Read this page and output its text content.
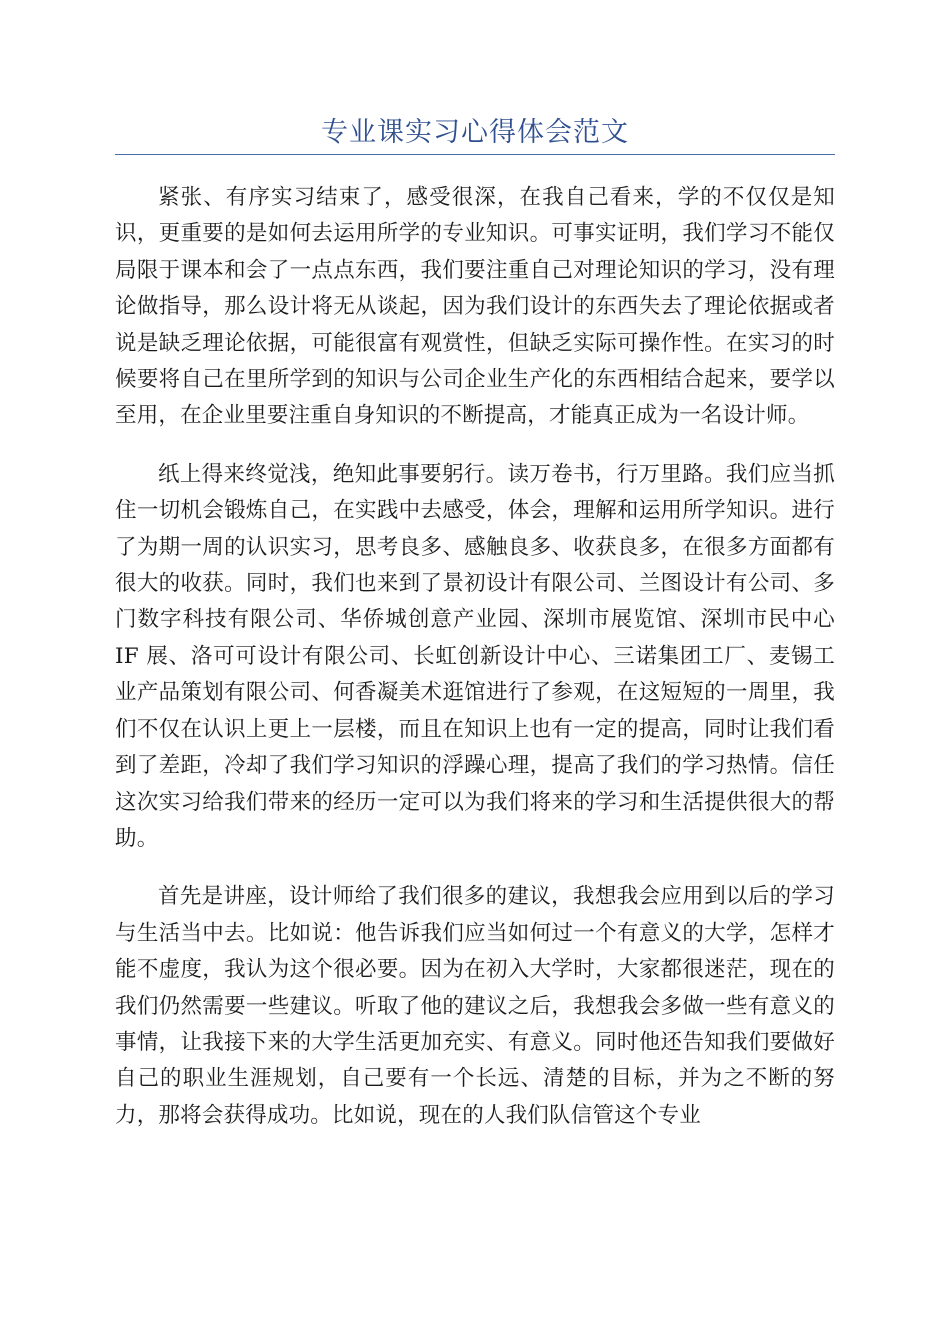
专业课实习心得体会范文

紧张、有序实习结束了，感受很深，在我自己看来，学的不仅仅是知识，更重要的是如何去运用所学的专业知识。可事实证明，我们学习不能仅局限于课本和会了一点点东西，我们要注重自己对理论知识的学习，没有理论做指导，那么设计将无从谈起，因为我们设计的东西失去了理论依据或者说是缺乏理论依据，可能很富有观赏性，但缺乏实际可操作性。在实习的时候要将自己在里所学到的知识与公司企业生产化的东西相结合起来，要学以至用，在企业里要注重自身知识的不断提高，才能真正成为一名设计师。

纸上得来终觉浅，绝知此事要躬行。读万卷书，行万里路。我们应当抓住一切机会锻炼自己，在实践中去感受，体会，理解和运用所学知识。进行了为期一周的认识实习，思考良多、感触良多、收获良多，在很多方面都有很大的收获。同时，我们也来到了景初设计有限公司、兰图设计有公司、多门数字科技有限公司、华侨城创意产业园、深圳市展览馆、深圳市民中心 IF 展、洛可可设计有限公司、长虹创新设计中心、三诺集团工厂、麦锡工业产品策划有限公司、何香凝美术逛馆进行了参观，在这短短的一周里，我们不仅在认识上更上一层楼，而且在知识上也有一定的提高，同时让我们看到了差距，冷却了我们学习知识的浮躁心理，提高了我们的学习热情。信任这次实习给我们带来的经历一定可以为我们将来的学习和生活提供很大的帮助。

首先是讲座，设计师给了我们很多的建议，我想我会应用到以后的学习与生活当中去。比如说：他告诉我们应当如何过一个有意义的大学，怎样才能不虚度，我认为这个很必要。因为在初入大学时，大家都很迷茫，现在的我们仍然需要一些建议。听取了他的建议之后，我想我会多做一些有意义的事情，让我接下来的大学生活更加充实、有意义。同时他还告知我们要做好自己的职业生涯规划，自己要有一个长远、清楚的目标，并为之不断的努力，那将会获得成功。比如说，现在的人我们队信管这个专业
